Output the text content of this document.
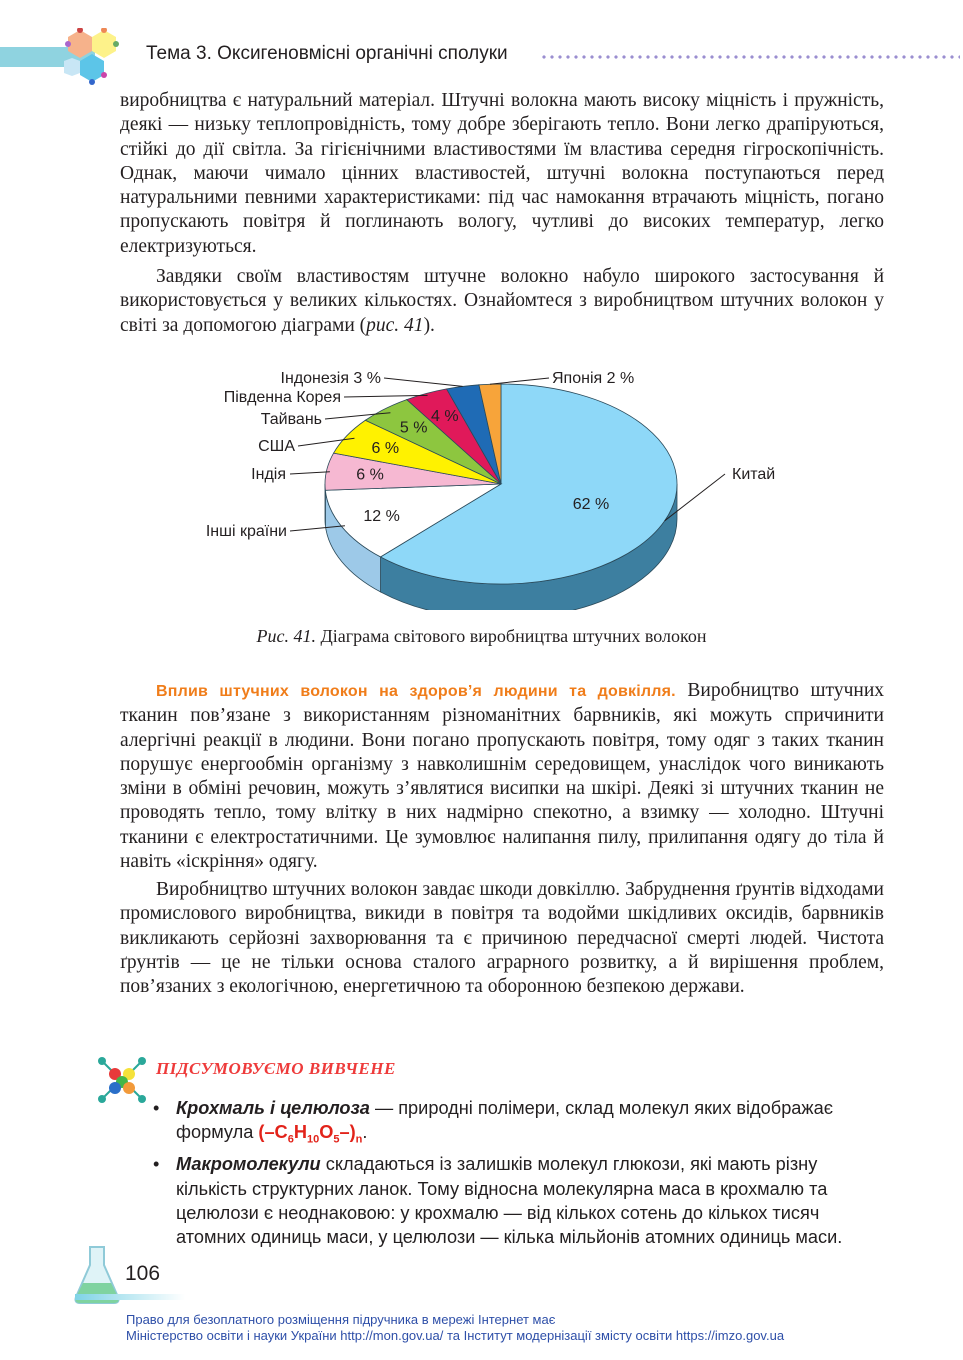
Тема 3. Оксигеновмісні органічні сполуки

виробництва є натуральний матеріал. Штучні волокна мають високу міцність і пружність, деякі — низьку теплопровідність, тому добре зберігають тепло. Вони легко драпіруються, стійкі до дії світла. За гігієнічними властивостями їм властива середня гігроскопічність. Однак, маючи чимало цінних властивостей, штучні волокна поступаються перед натуральними певними характеристиками: під час намокання втрачають міцність, погано пропускають повітря й поглинають вологу, чутливі до високих температур, легко електризуються.

Завдяки своїм властивостям штучне волокно набуло широкого застосування й використовується у великих кількостях. Ознайомтеся з виробництвом штучних волокон у світі за допомогою діаграми (рис. 41).

62 %
12 %
6 %
6 %
5 %
4 %
Китай
Інші країни
Індія
США
Тайвань
Південна Корея
Індонезія 3 %	Японія 2 %
Рис. 41. Діаграма світового виробництва штучних волокон

Вплив штучних волокон на здоров’я людини та довкілля. Виробництво штучних тканин пов’язане з використанням різноманітних барвників, які можуть спричинити алергічні реакції в людини. Вони погано пропускають повітря, тому одяг з таких тканин порушує енергообмін організму з навколишнім середовищем, унаслідок чого виникають зміни в обміні речовин, можуть з’являтися висипки на шкірі. Деякі зі штучних тканин не проводять тепло, тому влітку в них надмірно спекотно, а взимку — холодно. Штучні тканини є електростатичними. Це зумовлює налипання пилу, прилипання одягу до тіла й навіть «іскріння» одягу.

Виробництво штучних волокон завдає шкоди довкіллю. Забруднення ґрунтів відходами промислового виробництва, викиди в повітря та водойми шкідливих оксидів, барвників викликають серйозні захворювання та є причиною передчасної смерті людей. Чистота ґрунтів — це не тільки основа сталого аграрного розвитку, а й вирішення проблем, пов’язаних з екологічною, енергетичною та оборонною безпекою держави.

ПІДСУМОВУЄМО ВИВЧЕНЕ
• Крохмаль і целюлоза — природні полімери, склад молекул яких відображає формула $(-C_6H_{10}O_5-)_n$.
• Макромолекули складаються із залишків молекул глюкози, які мають різну кількість структурних ланок. Тому відносна молекулярна маса в крохмалю та целюлози є неоднаковою: у крохмалю — від кількох сотень до кількох тисяч атомних одиниць маси, у целюлози — кілька мільйонів атомних одиниць маси.
106
Право для безоплатного розміщення підручника в мережі Інтернет має
Міністерство освіти і науки України http://mon.gov.ua/ та Інститут модернізації змісту освіти https://imzo.gov.ua
